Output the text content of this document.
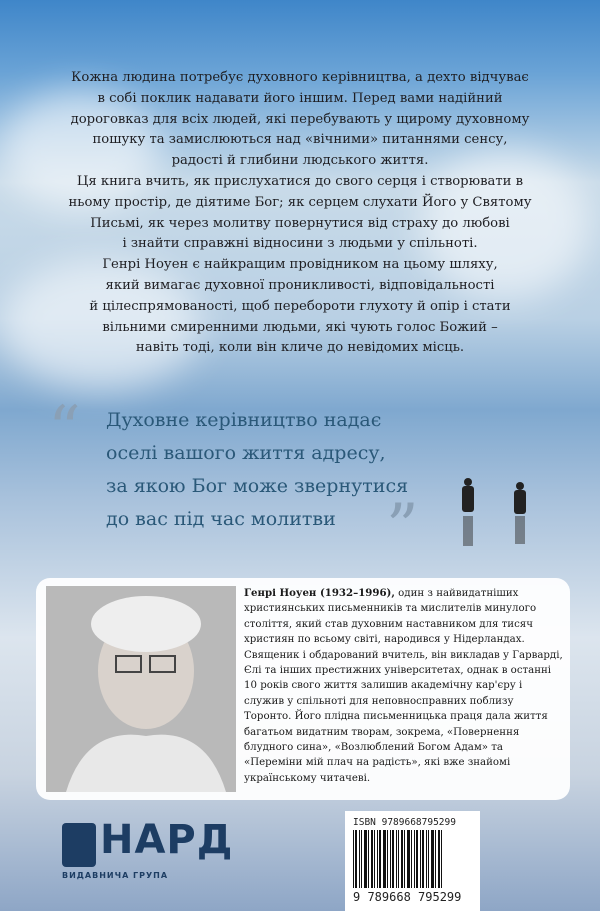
Кожна людина потребує духовного керівництва, а дехто відчуває
в собі поклик надавати його іншим. Перед вами надійний
дороговказ для всіх людей, які перебувають у щирому духовному
пошуку та замислюються над «вічними» питаннями сенсу,
радості й глибини людського життя.
Ця книга вчить, як прислухатися до свого серця і створювати в
ньому простір, де діятиме Бог; як серцем слухати Його у Святому
Письмі, як через молитву повернутися від страху до любові
і знайти справжні відносини з людьми у спільноті.
Генрі Ноуен є найкращим провідником на цьому шляху,
який вимагає духовної проникливості, відповідальності
й цілеспрямованості, щоб перебороти глухоту й опір і стати
вільними смиренними людьми, які чують голос Божий –
навіть тоді, коли він кличе до невідомих місць.
“ Духовне керівництво надає

оселі вашого життя адресу,

за якою Бог може звернутися

до вас під час молитви ”
Генрі Ноуен (1932–1996), один з найвидатніших християнських письменників та мислителів минулого століття, який став духовним наставником для тисяч християн по всьому світі, народився у Нідерландах. Священик і обдарований вчитель, він викладав у Гарварді, Єлі та інших престижних університетах, однак в останні 10 років свого життя залишив академічну кар'єру і служив у спільноті для неповносправних поблизу Торонто. Його плідна письменницька праця дала життя багатьом видатним творам, зокрема, «Повернення блудного сина», «Возлюблений Богом Адам» та «Переміни мій плач на радість», які вже знайомі українському читачеві.
НАРД
ВИДАВНИЧА ГРУПА
ISBN 9789668795299
9 789668 795299
